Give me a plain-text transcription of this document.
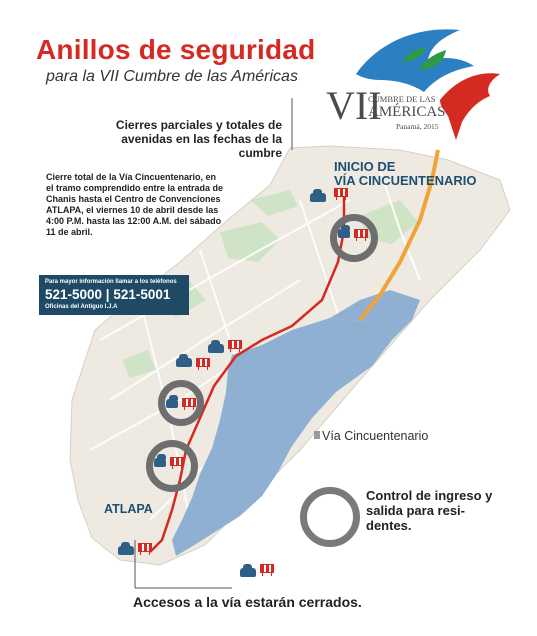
Anillos de seguridad
para la VII Cumbre de las Américas
VII
CUMBRE DE LAS
AMÉRICAS
Panamá, 2015
Cierres parciales y totales de avenidas en las fechas de la cumbre
Cierre total de la Vía Cincuentenario, en el tramo comprendido entre la entrada de Chanis hasta el Centro de Convenciones ATLAPA, el viernes 10 de abril desde las 4:00 P.M. hasta las 12:00 A.M. del sábado 11 de abril.
Para mayor información llamar a los teléfonos
521-5000 | 521-5001
Oficinas del Antiguo I.J.A
INICIO DE
VÍA CINCUENTENARIO
ATLAPA
Vía Cincuentenario
Control de ingreso y salida para resi- dentes.
Accesos a la vía estarán cerrados.
